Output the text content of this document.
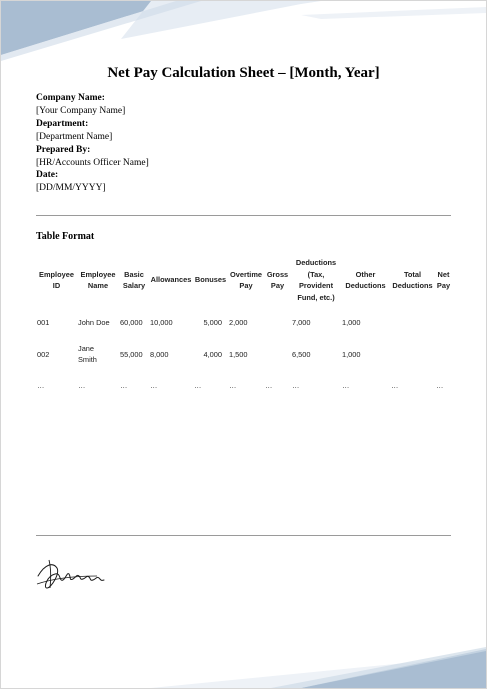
Net Pay Calculation Sheet – [Month, Year]
Company Name:
[Your Company Name]
Department:
[Department Name]
Prepared By:
[HR/Accounts Officer Name]
Date:
[DD/MM/YYYY]
Table Format
Employee ID	Employee Name	Basic Salary	Allowances	Bonuses	Overtime Pay	Gross Pay	Deductions (Tax, Provident Fund, etc.)	Other Deductions	Total Deductions	Net Pay
001	John Doe	60,000	10,000	5,000	2,000		7,000	1,000		
002	Jane Smith	55,000	8,000	4,000	1,500		6,500	1,000		
…	…	…	…	…	…	…	…	…	…	…
